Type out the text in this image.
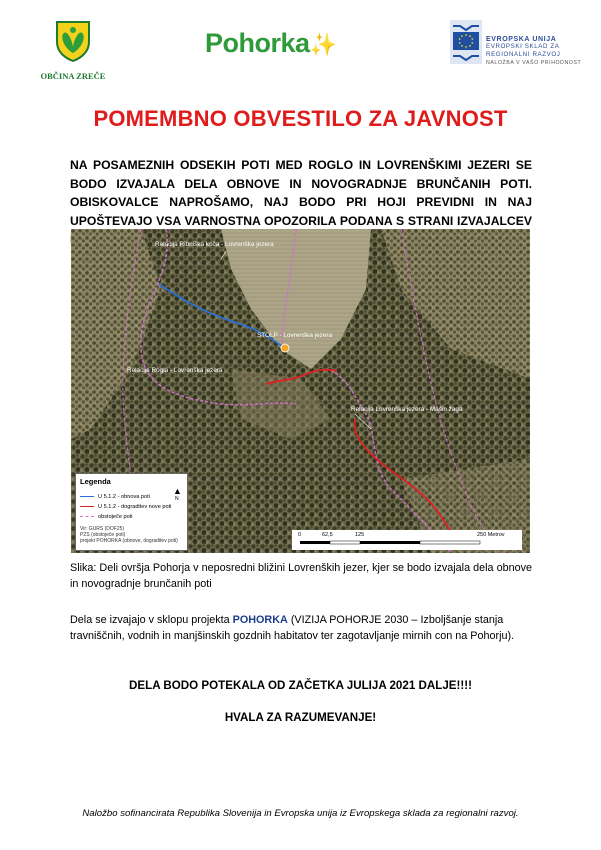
OBČINA ZREČE
Pohorka✨	EVROPSKA UNIJA
EVROPSKI SKLAD ZA
REGIONALNI RAZVOJ
NALOŽBA V VAŠO PRIHODNOST
POMEMBNO OBVESTILO ZA JAVNOST
NA POSAMEZNIH ODSEKIH POTI MED ROGLO IN LOVRENŠKIMI JEZERI SE BODO IZVAJALA DELA OBNOVE IN NOVOGRADNJE BRUNČANIH POTI. OBISKOVALCE NAPROŠAMO, NAJ BODO PRI HOJI PREVIDNI IN NAJ UPOŠTEVAJO VSA VARNOSTNA OPOZORILA PODANA S STRANI IZVAJALCEV
Relacija Ribniška koča - Lovrenška jezera
STOLP - Lovrenška jezera
Relacija Rogla - Lovrenška jezera
Relacija Lovrenška jezera - Mašin žaga
Legenda
▲
N
U 5.1.2 - obnova poti
U 5.1.2 - dograditev nove poti
obstoječe poti
Vir: GURS (DOF25)
PZS (obstoječe poti)
projekt POHORKA (obnove, dograditev poti)
0	62,5	125	250 Metrov
Slika: Deli ovršja Pohorja v neposredni bližini Lovrenških jezer, kjer se bodo izvajala dela obnove in novogradnje brunčanih poti
Dela se izvajajo v sklopu projekta POHORKA (VIZIJA POHORJE 2030 – Izboljšanje stanja travniščnih, vodnih in manjšinskih gozdnih habitatov ter zagotavljanje mirnih con na Pohorju).
DELA BODO POTEKALA OD ZAČETKA JULIJA 2021 DALJE!!!!
HVALA ZA RAZUMEVANJE!
Naložbo sofinancirata Republika Slovenija in Evropska unija iz Evropskega sklada za regionalni razvoj.
